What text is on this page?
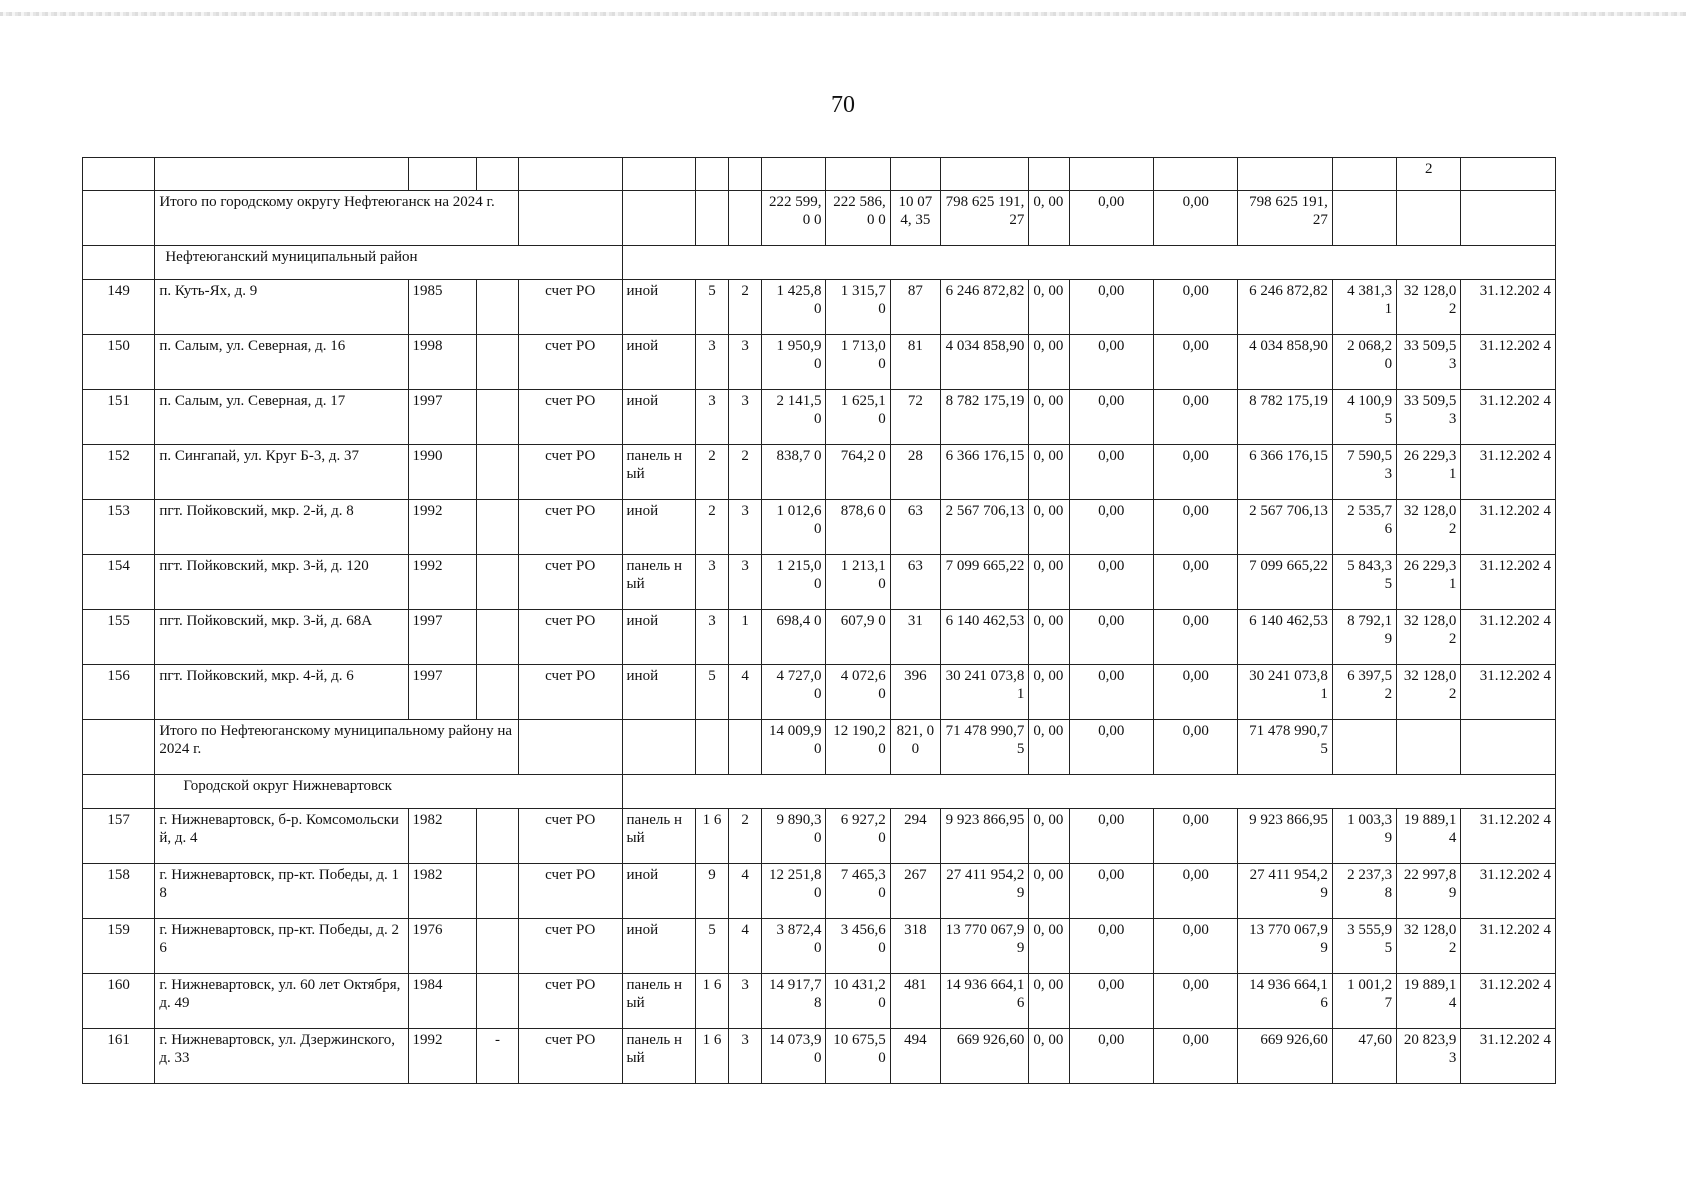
70
																	2	
	Итого по городскому округу Нефтеюганск на 2024 г.							222 599,0 0	222 586,0 0	10 074, 35	798 625 191,27	0, 00	0,00	0,00	798 625 191,27			
	Нефтеюганский муниципальный район																	
149	п. Куть-Ях, д. 9	1985		счет РО	иной	5	2	1 425,8 0	1 315,7 0	87	6 246 872,82	0, 00	0,00	0,00	6 246 872,82	4 381,3 1	32 128,0 2	31.12.202 4
150	п. Салым, ул. Северная, д. 16	1998		счет РО	иной	3	3	1 950,9 0	1 713,0 0	81	4 034 858,90	0, 00	0,00	0,00	4 034 858,90	2 068,2 0	33 509,5 3	31.12.202 4
151	п. Салым, ул. Северная, д. 17	1997		счет РО	иной	3	3	2 141,5 0	1 625,1 0	72	8 782 175,19	0, 00	0,00	0,00	8 782 175,19	4 100,9 5	33 509,5 3	31.12.202 4
152	п. Сингапай, ул. Круг Б-3, д. 37	1990		счет РО	панель ный	2	2	838,7 0	764,2 0	28	6 366 176,15	0, 00	0,00	0,00	6 366 176,15	7 590,5 3	26 229,3 1	31.12.202 4
153	пгт. Пойковский, мкр. 2-й, д. 8	1992		счет РО	иной	2	3	1 012,6 0	878,6 0	63	2 567 706,13	0, 00	0,00	0,00	2 567 706,13	2 535,7 6	32 128,0 2	31.12.202 4
154	пгт. Пойковский, мкр. 3-й, д. 120	1992		счет РО	панель ный	3	3	1 215,0 0	1 213,1 0	63	7 099 665,22	0, 00	0,00	0,00	7 099 665,22	5 843,3 5	26 229,3 1	31.12.202 4
155	пгт. Пойковский, мкр. 3-й, д. 68А	1997		счет РО	иной	3	1	698,4 0	607,9 0	31	6 140 462,53	0, 00	0,00	0,00	6 140 462,53	8 792,1 9	32 128,0 2	31.12.202 4
156	пгт. Пойковский, мкр. 4-й, д. 6	1997		счет РО	иной	5	4	4 727,0 0	4 072,6 0	396	30 241 073,81	0, 00	0,00	0,00	30 241 073,81	6 397,5 2	32 128,0 2	31.12.202 4
	Итого по Нефтеюганскому муниципальному району на 2024 г.							14 009,9 0	12 190,2 0	821, 00	71 478 990,75	0, 00	0,00	0,00	71 478 990,75			
	Городской округ Нижневартовск																	
157	г. Нижневартовск, б-р. Комсомольский, д. 4	1982		счет РО	панель ный	1 6	2	9 890,3 0	6 927,2 0	294	9 923 866,95	0, 00	0,00	0,00	9 923 866,95	1 003,3 9	19 889,1 4	31.12.202 4
158	г. Нижневартовск, пр-кт. Победы, д. 18	1982		счет РО	иной	9	4	12 251,8 0	7 465,3 0	267	27 411 954,29	0, 00	0,00	0,00	27 411 954,29	2 237,3 8	22 997,8 9	31.12.202 4
159	г. Нижневартовск, пр-кт. Победы, д. 26	1976		счет РО	иной	5	4	3 872,4 0	3 456,6 0	318	13 770 067,99	0, 00	0,00	0,00	13 770 067,99	3 555,9 5	32 128,0 2	31.12.202 4
160	г. Нижневартовск, ул. 60 лет Октября, д. 49	1984		счет РО	панель ный	1 6	3	14 917,7 8	10 431,2 0	481	14 936 664,16	0, 00	0,00	0,00	14 936 664,16	1 001,2 7	19 889,1 4	31.12.202 4
161	г. Нижневартовск, ул. Дзержинского, д. 33	1992	-	счет РО	панель ный	1 6	3	14 073,9 0	10 675,5 0	494	669 926,60	0, 00	0,00	0,00	669 926,60	47,60	20 823,9 3	31.12.202 4
